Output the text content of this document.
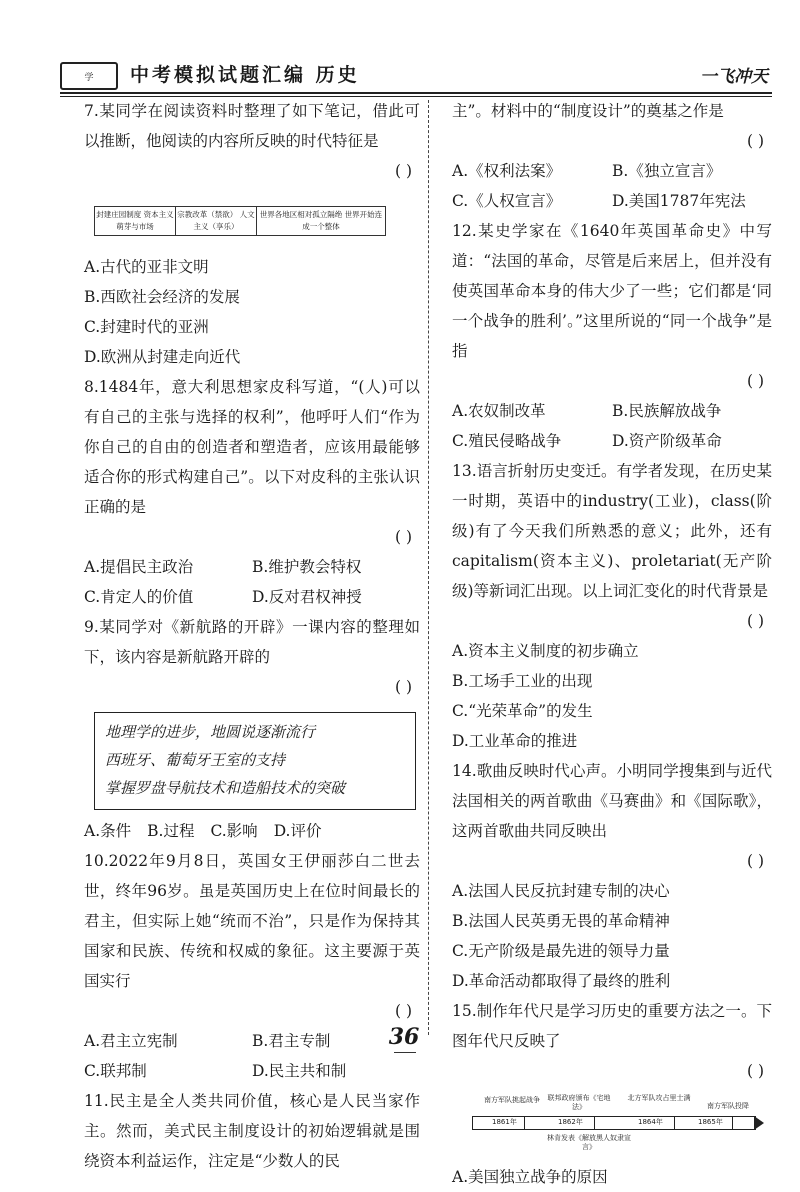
学	中考模拟试题汇编 历史	一飞冲天
7.某同学在阅读资料时整理了如下笔记，借此可以推断，他阅读的内容所反映的时代特征是
( )
封建庄园制度 资本主义萌芽与市场
宗教改革（禁欲） 人文主义（享乐）
世界各地区相对孤立隔绝 世界开始连成一个整体
A.古代的亚非文明
B.西欧社会经济的发展
C.封建时代的亚洲
D.欧洲从封建走向近代
8.1484年，意大利思想家皮科写道，“(人)可以有自己的主张与选择的权利”，他呼吁人们“作为你自己的自由的创造者和塑造者，应该用最能够适合你的形式构建自己”。以下对皮科的主张认识正确的是
( )
A.提倡民主政治	B.维护教会特权
C.肯定人的价值	D.反对君权神授
9.某同学对《新航路的开辟》一课内容的整理如下，该内容是新航路开辟的
( )
地理学的进步，地圆说逐渐流行
西班牙、葡萄牙王室的支持
掌握罗盘导航技术和造船技术的突破
A.条件 B.过程 C.影响 D.评价
10.2022年9月8日，英国女王伊丽莎白二世去世，终年96岁。虽是英国历史上在位时间最长的君主，但实际上她“统而不治”，只是作为保持其国家和民族、传统和权威的象征。这主要源于英国实行
( )
A.君主立宪制	B.君主专制
C.联邦制	D.民主共和制
11.民主是全人类共同价值，核心是人民当家作主。然而，美式民主制度设计的初始逻辑就是围绕资本利益运作，注定是“少数人的民
主”。材料中的“制度设计”的奠基之作是
( )
A.《权利法案》	B.《独立宣言》
C.《人权宣言》	D.美国1787年宪法
12.某史学家在《1640年英国革命史》中写道：“法国的革命，尽管是后来居上，但并没有使英国革命本身的伟大少了一些；它们都是‘同一个战争的胜利’。”这里所说的“同一个战争”是指
( )
A.农奴制改革	B.民族解放战争
C.殖民侵略战争	D.资产阶级革命
13.语言折射历史变迁。有学者发现，在历史某一时期，英语中的industry(工业)，class(阶级)有了今天我们所熟悉的意义；此外，还有capitalism(资本主义)、proletariat(无产阶级)等新词汇出现。以上词汇变化的时代背景是
( )
A.资本主义制度的初步确立
B.工场手工业的出现
C.“光荣革命”的发生
D.工业革命的推进
14.歌曲反映时代心声。小明同学搜集到与近代法国相关的两首歌曲《马赛曲》和《国际歌》，这两首歌曲共同反映出
( )
A.法国人民反抗封建专制的决心
B.法国人民英勇无畏的革命精神
C.无产阶级是最先进的领导力量
D.革命活动都取得了最终的胜利
15.制作年代尺是学习历史的重要方法之一。下图年代尺反映了
( )
南方军队挑起战争	联邦政府颁布《宅地法》
北方军队攻占里士满
南方军队投降
1861年	1862年	1864年	1865年
林肯发表《解放黑人奴隶宣言》
A.美国独立战争的原因
36
